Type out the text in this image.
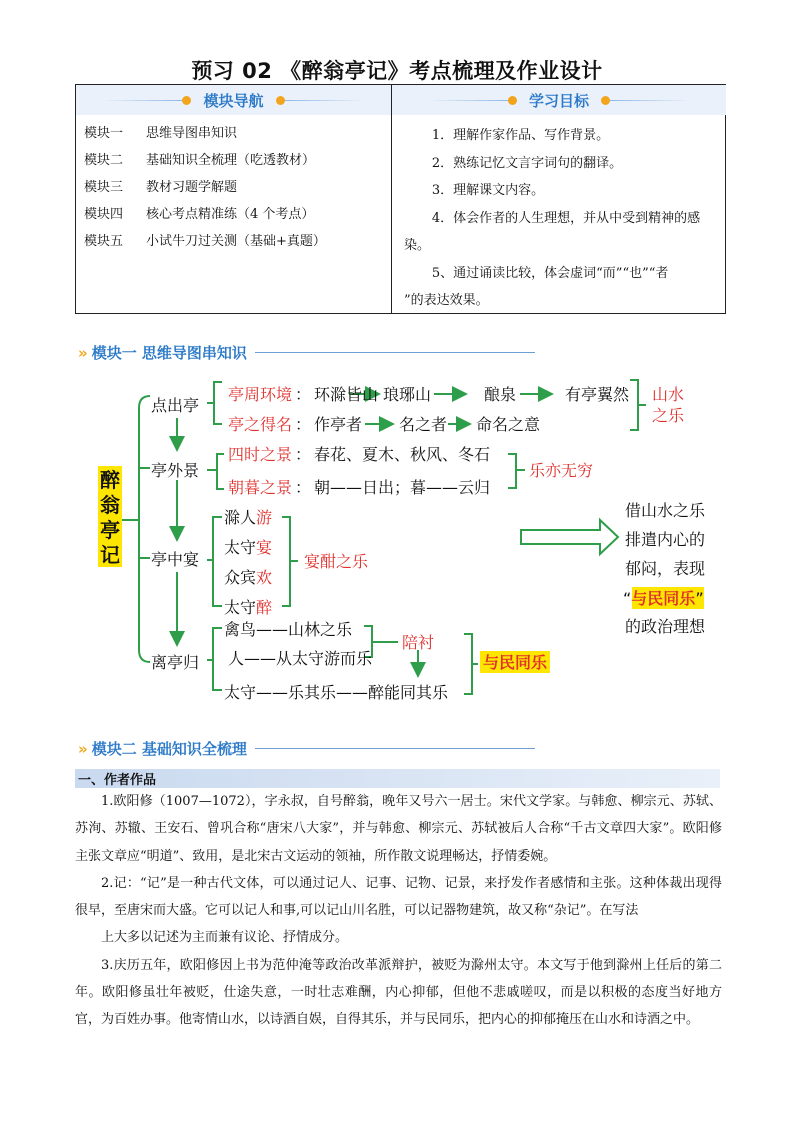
预习 02 《醉翁亭记》考点梳理及作业设计
模块导航	学习目标
模块一	思维导图串知识
模块二	基础知识全梳理（吃透教材）
模块三	教材习题学解题
模块四	核心考点精准练（4 个考点）
模块五	小试牛刀过关测（基础+真题）
1．理解作家作品、写作背景。
2．熟练记忆文言字词句的翻译。
3．理解课文内容。
4．体会作者的人生理想，并从中受到精神的感
染。
5、通过诵读比较，体会虚词“而”“也”“者
”的表达效果。
» 模块一 思维导图串知识
醉
翁
亭
记
点出亭
亭外景
亭中宴
离亭归
亭周环境 ： 环滁皆山 琅琊山	酿泉	有亭翼然
亭之得名 ： 作亭者 名之者 命名之意
山水
之乐
四时之景 ： 春花、夏木、秋风、冬石
朝暮之景 ： 朝——日出；暮——云归
乐亦无穷
滁人游
太守宴
众宾欢
太守醉
宴酣之乐
禽鸟——山林之乐
人——从太守游而乐
太守——乐其乐——醉能同其乐
陪衬
与民同乐
借山水之乐
排遣内心的
郁闷，表现
“与民同乐”
的政治理想
» 模块二 基础知识全梳理
一、作者作品

1.欧阳修（1007—1072），字永叔，自号醉翁，晚年又号六一居士。宋代文学家。与韩愈、柳宗元、苏轼、苏洵、苏辙、王安石、曾巩合称“唐宋八大家”，并与韩愈、柳宗元、苏轼被后人合称“千古文章四大家”。欧阳修主张文章应“明道”、致用，是北宋古文运动的领袖，所作散文说理畅达，抒情委婉。

2.记：“记”是一种古代文体，可以通过记人、记事、记物、记景，来抒发作者感情和主张。这种体裁出现得很早，至唐宋而大盛。它可以记人和事,可以记山川名胜，可以记器物建筑，故又称“杂记”。在写法

上大多以记述为主而兼有议论、抒情成分。

3.庆历五年，欧阳修因上书为范仲淹等政治改革派辩护，被贬为滁州太守。本文写于他到滁州上任后的第二年。欧阳修虽壮年被贬，仕途失意，一时壮志难酬，内心抑郁，但他不悲戚嗟叹，而是以积极的态度当好地方官，为百姓办事。他寄情山水，以诗酒自娱，自得其乐，并与民同乐，把内心的抑郁掩压在山水和诗酒之中。
